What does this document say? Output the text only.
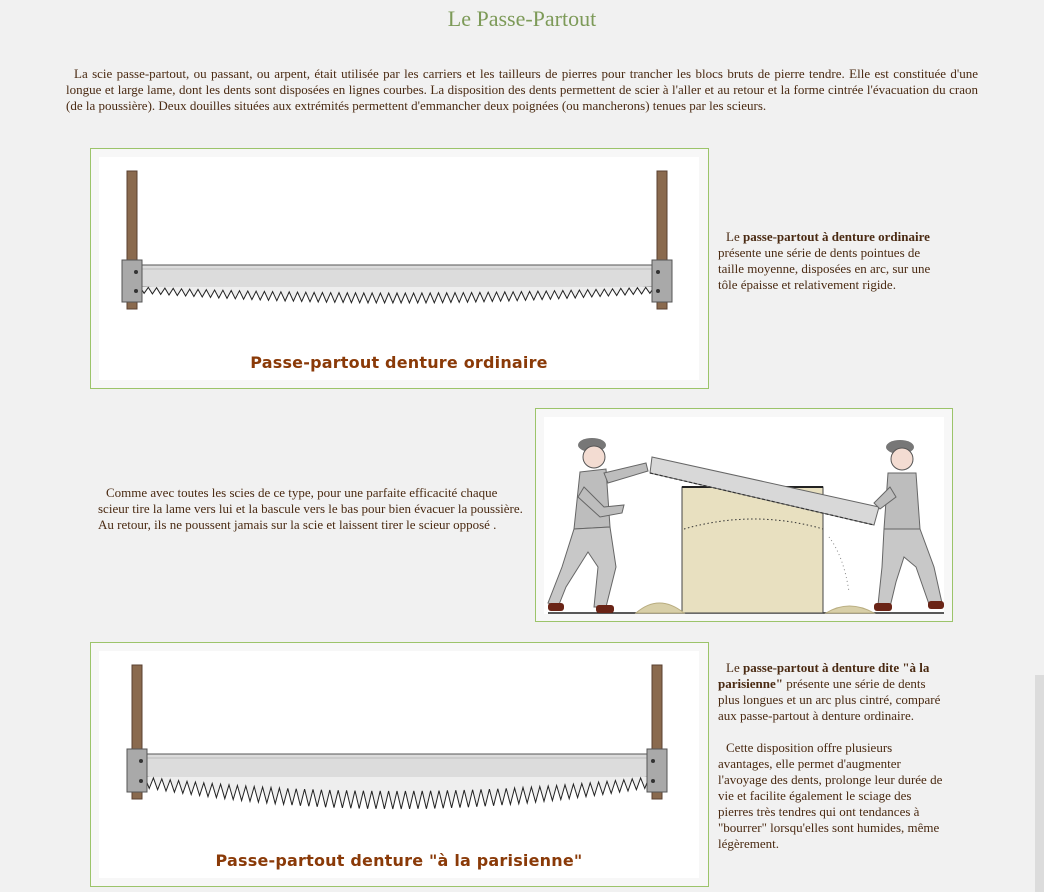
Le Passe-Partout
La scie passe-partout, ou passant, ou arpent, était utilisée par les carriers et les tailleurs de pierres pour trancher les blocs bruts de pierre tendre. Elle est constituée d'une longue et large lame, dont les dents sont disposées en lignes courbes. La disposition des dents permettent de scier à l'aller et au retour et la forme cintrée l'évacuation du craon (de la poussière). Deux douilles situées aux extrémités permettent d'emmancher deux poignées (ou mancherons) tenues par les scieurs.
Passe-partout denture ordinaire

Le passe-partout à denture ordinaire présente une série de dents pointues de taille moyenne, disposées en arc, sur une tôle épaisse et relativement rigide.

Comme avec toutes les scies de ce type, pour une parfaite efficacité chaque scieur tire la lame vers lui et la bascule vers le bas pour bien évacuer la poussière. Au retour, ils ne poussent jamais sur la scie et laissent tirer le scieur opposé .

Passe-partout denture "à la parisienne"

Le passe-partout à denture dite "à la parisienne" présente une série de dents plus longues et un arc plus cintré, comparé aux passe-partout à denture ordinaire.

Cette disposition offre plusieurs avantages, elle permet d'augmenter l'avoyage des dents, prolonge leur durée de vie et facilite également le sciage des pierres très tendres qui ont tendances à "bourrer" lorsqu'elles sont humides, même légèrement.
